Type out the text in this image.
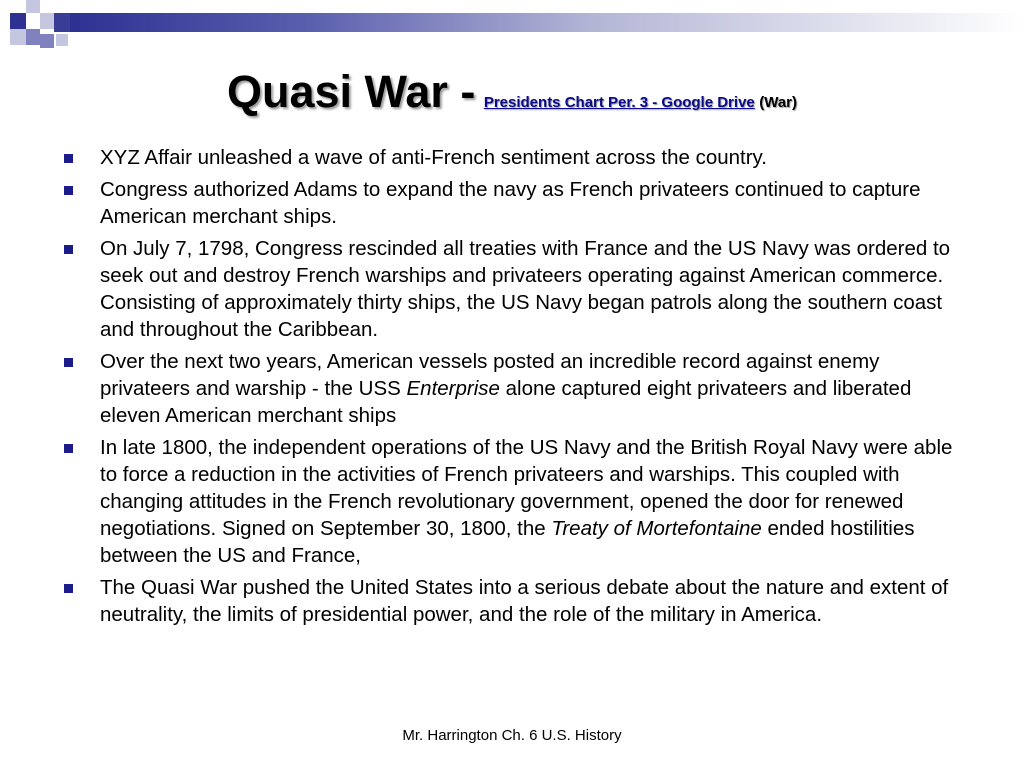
Quasi War - Presidents Chart Per. 3 - Google Drive (War)
XYZ Affair unleashed a wave of anti-French sentiment across the country.
Congress authorized Adams to expand the navy as French privateers continued to capture American merchant ships.
On July 7, 1798, Congress rescinded all treaties with France and the US Navy was ordered to seek out and destroy French warships and privateers operating against American commerce. Consisting of approximately thirty ships, the US Navy began patrols along the southern coast and throughout the Caribbean.
Over the next two years, American vessels posted an incredible record against enemy privateers and warship - the USS Enterprise alone captured eight privateers and liberated eleven American merchant ships
In late 1800, the independent operations of the US Navy and the British Royal Navy were able to force a reduction in the activities of French privateers and warships. This coupled with changing attitudes in the French revolutionary government, opened the door for renewed negotiations. Signed on September 30, 1800, the Treaty of Mortefontaine ended hostilities between the US and France,
The Quasi War pushed the United States into a serious debate about the nature and extent of neutrality, the limits of presidential power, and the role of the military in America.
Mr. Harrington Ch. 6 U.S. History
